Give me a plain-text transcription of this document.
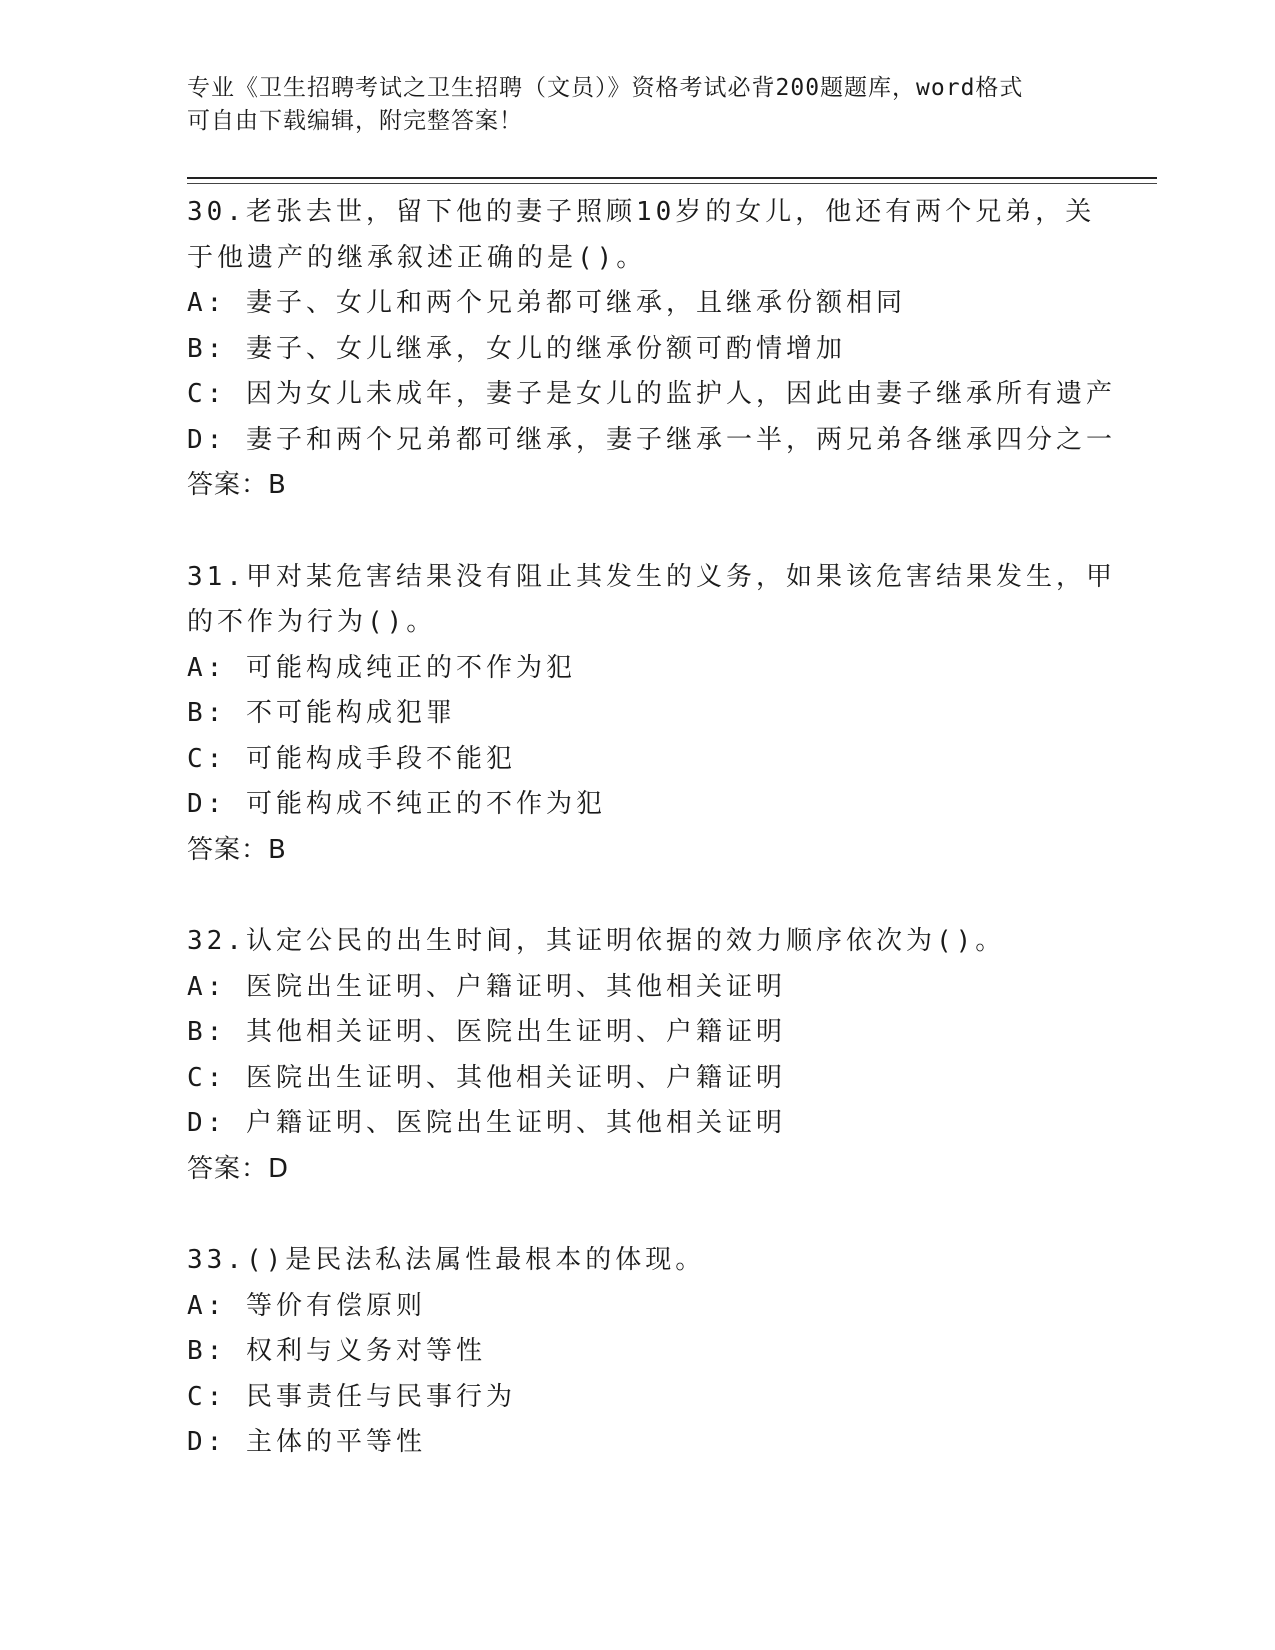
专业《卫生招聘考试之卫生招聘（文员）》资格考试必背200题题库，word格式
可自由下载编辑，附完整答案！
30.老张去世，留下他的妻子照顾10岁的女儿，他还有两个兄弟，关
于他遗产的继承叙述正确的是()。
A: 妻子、女儿和两个兄弟都可继承，且继承份额相同
B: 妻子、女儿继承，女儿的继承份额可酌情增加
C: 因为女儿未成年，妻子是女儿的监护人，因此由妻子继承所有遗产
D: 妻子和两个兄弟都可继承，妻子继承一半，两兄弟各继承四分之一
答案：B
31.甲对某危害结果没有阻止其发生的义务，如果该危害结果发生，甲
的不作为行为()。
A: 可能构成纯正的不作为犯
B: 不可能构成犯罪
C: 可能构成手段不能犯
D: 可能构成不纯正的不作为犯
答案：B
32.认定公民的出生时间，其证明依据的效力顺序依次为()。
A: 医院出生证明、户籍证明、其他相关证明
B: 其他相关证明、医院出生证明、户籍证明
C: 医院出生证明、其他相关证明、户籍证明
D: 户籍证明、医院出生证明、其他相关证明
答案：D
33.()是民法私法属性最根本的体现。
A: 等价有偿原则
B: 权利与义务对等性
C: 民事责任与民事行为
D: 主体的平等性
